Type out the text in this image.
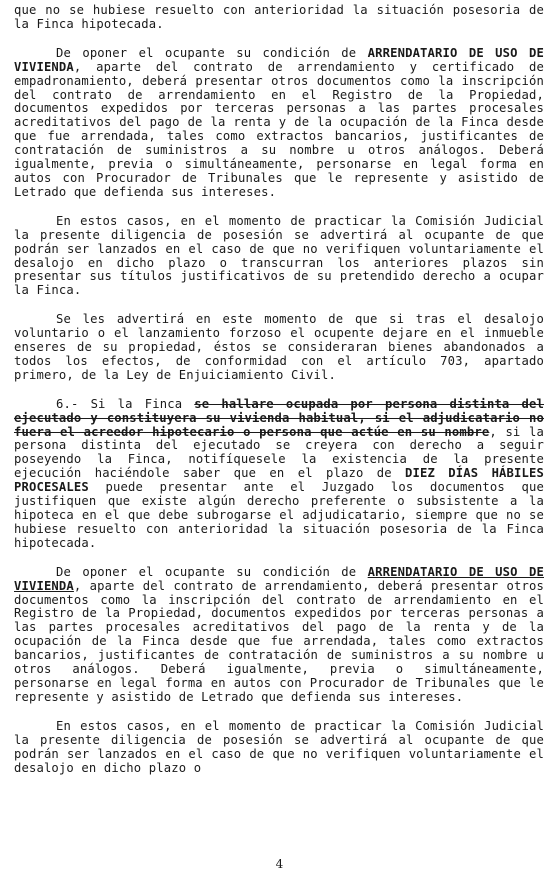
que no se hubiese resuelto con anterioridad la situación posesoria de la Finca hipotecada.

De oponer el ocupante su condición de ARRENDATARIO DE USO DE VIVIENDA, aparte del contrato de arrendamiento y certificado de empadronamiento, deberá presentar otros documentos como la inscripción del contrato de arrendamiento en el Registro de la Propiedad, documentos expedidos por terceras personas a las partes procesales acreditativos del pago de la renta y de la ocupación de la Finca desde que fue arrendada, tales como extractos bancarios, justificantes de contratación de suministros a su nombre u otros análogos. Deberá igualmente, previa o simultáneamente, personarse en legal forma en autos con Procurador de Tribunales que le represente y asistido de Letrado que defienda sus intereses.

En estos casos, en el momento de practicar la Comisión Judicial la presente diligencia de posesión se advertirá al ocupante de que podrán ser lanzados en el caso de que no verifiquen voluntariamente el desalojo en dicho plazo o transcurran los anteriores plazos sin presentar sus títulos justificativos de su pretendido derecho a ocupar la Finca.

Se les advertirá en este momento de que si tras el desalojo voluntario o el lanzamiento forzoso el ocupente dejare en el inmueble enseres de su propiedad, éstos se consideraran bienes abandonados a todos los efectos, de conformidad con el artículo 703, apartado primero, de la Ley de Enjuiciamiento Civil.

6.- Si la Finca se hallare ocupada por persona distinta del ejecutado y constituyera su vivienda habitual, si el adjudicatario no fuera el acreedor hipotecario o persona que actúe en su nombre, si la persona distinta del ejecutado se creyera con derecho a seguir poseyendo la Finca, notifíquesele la existencia de la presente ejecución haciéndole saber que en el plazo de DIEZ DÍAS HÁBILES PROCESALES puede presentar ante el Juzgado los documentos que justifiquen que existe algún derecho preferente o subsistente a la hipoteca en el que debe subrogarse el adjudicatario, siempre que no se hubiese resuelto con anterioridad la situación posesoria de la Finca hipotecada.

De oponer el ocupante su condición de ARRENDATARIO DE USO DE VIVIENDA, aparte del contrato de arrendamiento, deberá presentar otros documentos como la inscripción del contrato de arrendamiento en el Registro de la Propiedad, documentos expedidos por terceras personas a las partes procesales acreditativos del pago de la renta y de la ocupación de la Finca desde que fue arrendada, tales como extractos bancarios, justificantes de contratación de suministros a su nombre u otros análogos. Deberá igualmente, previa o simultáneamente, personarse en legal forma en autos con Procurador de Tribunales que le represente y asistido de Letrado que defienda sus intereses.

En estos casos, en el momento de practicar la Comisión Judicial la presente diligencia de posesión se advertirá al ocupante de que podrán ser lanzados en el caso de que no verifiquen voluntariamente el desalojo en dicho plazo o

4
